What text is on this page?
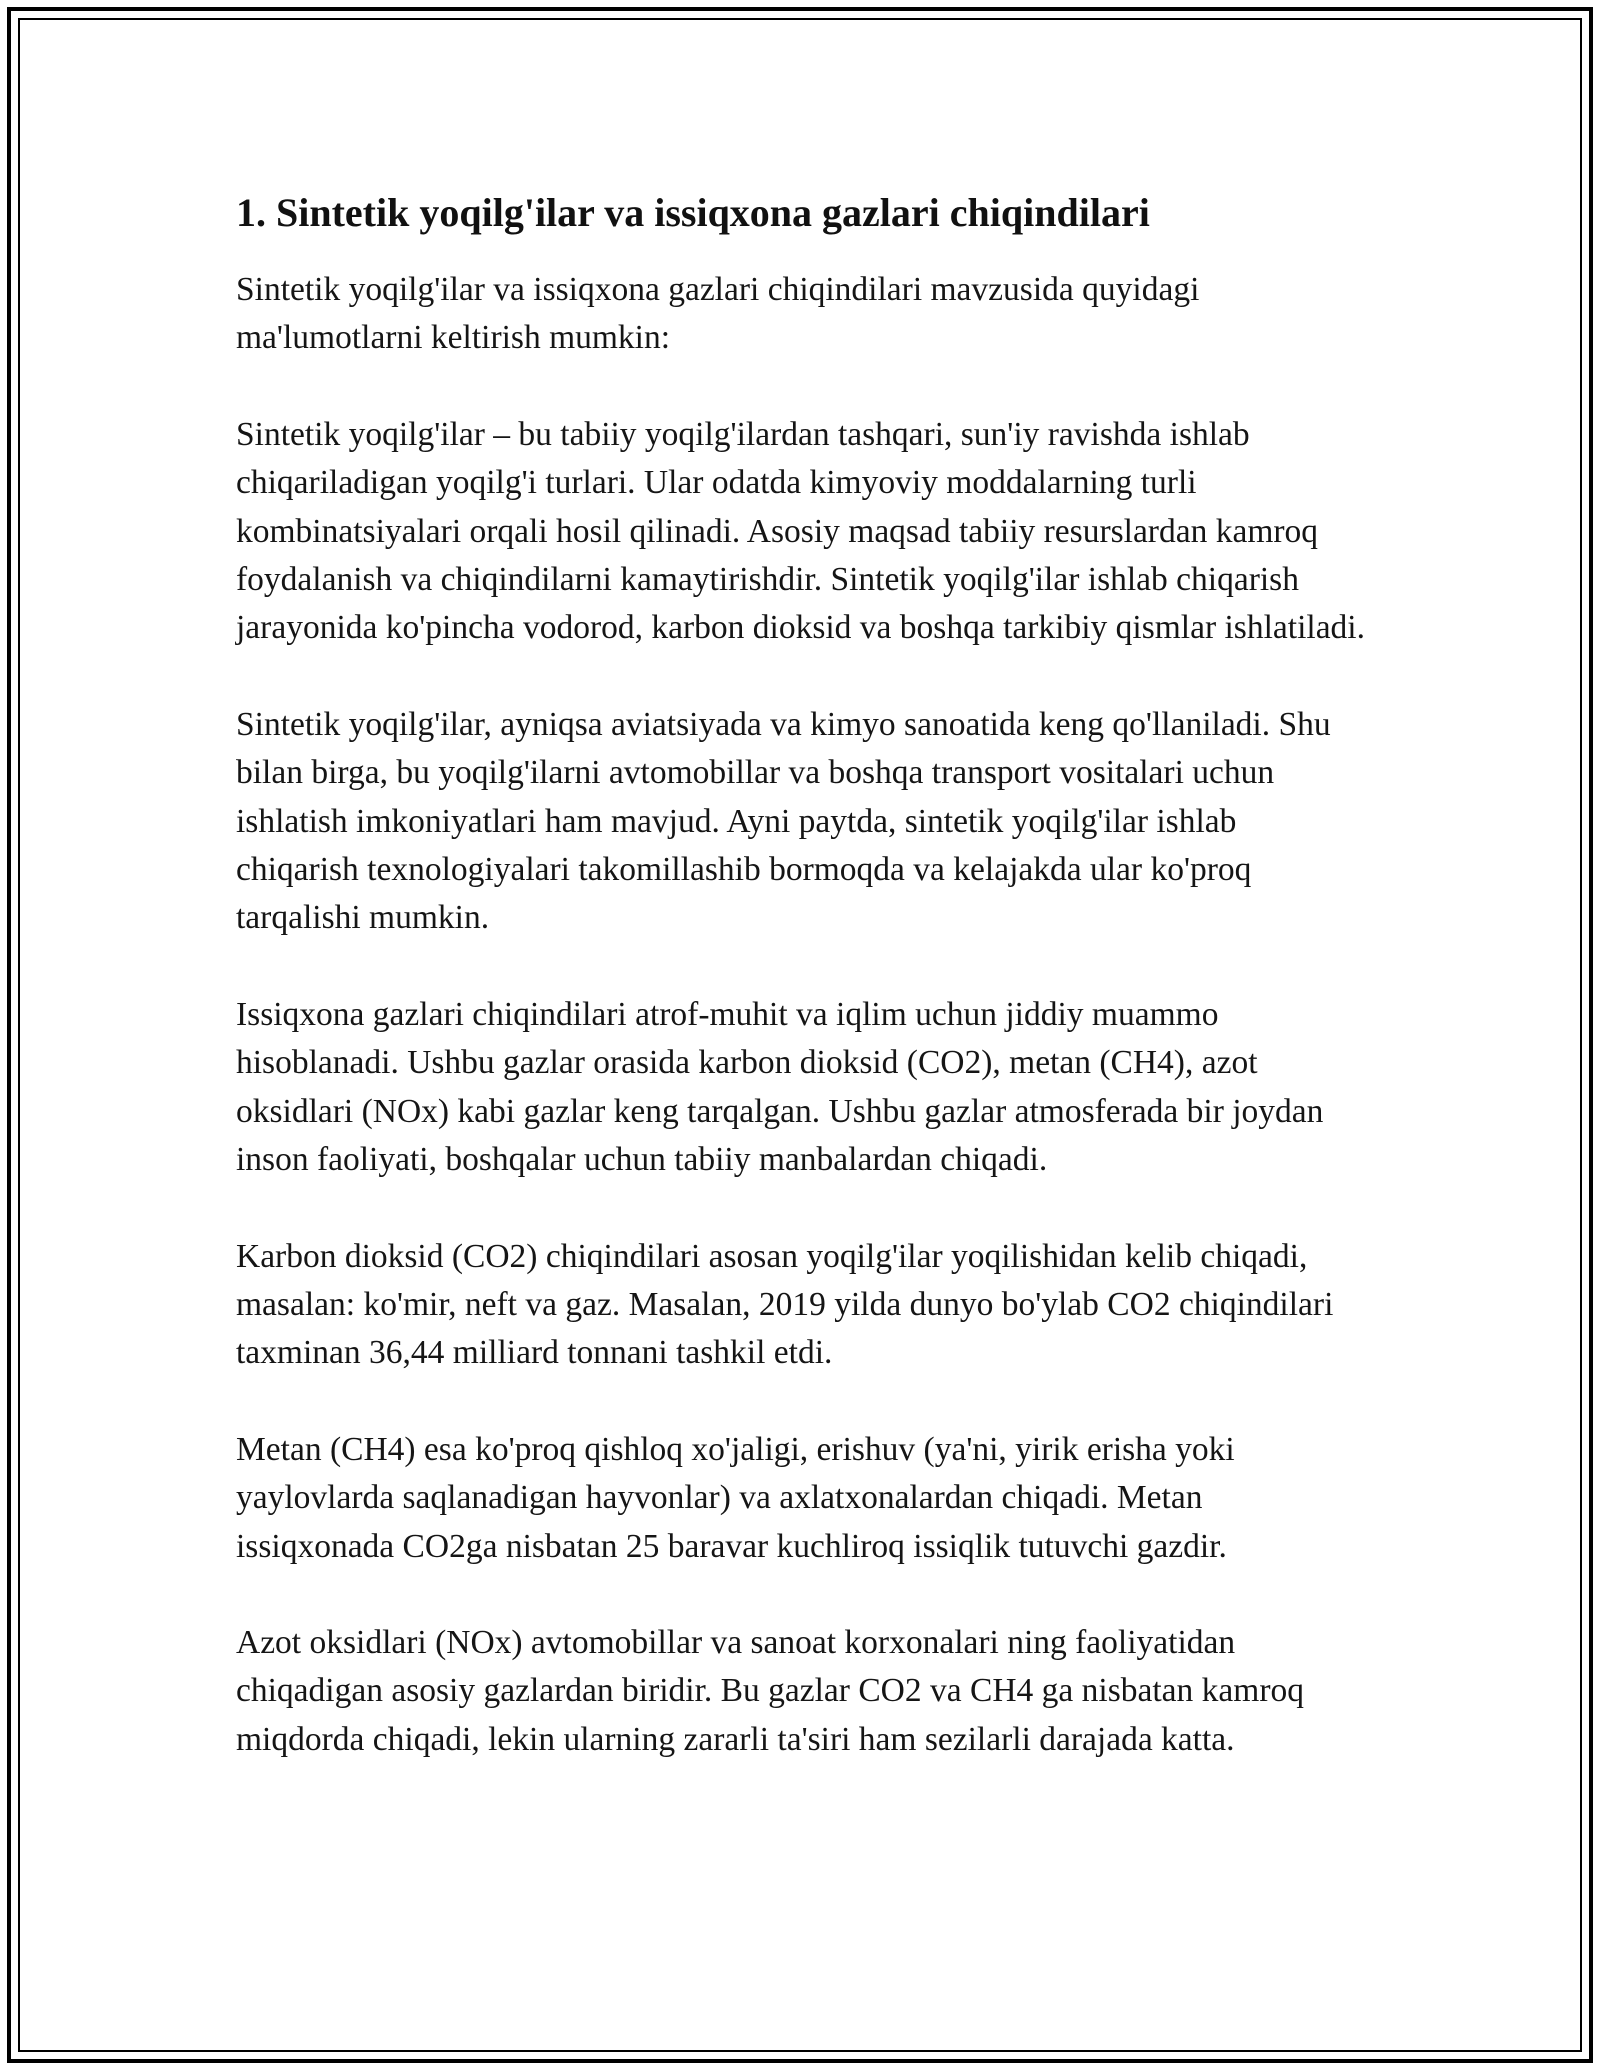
1. Sintetik yoqilg'ilar va issiqxona gazlari chiqindilari

Sintetik yoqilg'ilar va issiqxona gazlari chiqindilari mavzusida quyidagi ma'lumotlarni keltirish mumkin:

Sintetik yoqilg'ilar – bu tabiiy yoqilg'ilardan tashqari, sun'iy ravishda ishlab chiqariladigan yoqilg'i turlari. Ular odatda kimyoviy moddalarning turli kombinatsiyalari orqali hosil qilinadi. Asosiy maqsad tabiiy resurslardan kamroq foydalanish va chiqindilarni kamaytirishdir. Sintetik yoqilg'ilar ishlab chiqarish jarayonida ko'pincha vodorod, karbon dioksid va boshqa tarkibiy qismlar ishlatiladi.

Sintetik yoqilg'ilar, ayniqsa aviatsiyada va kimyo sanoatida keng qo'llaniladi. Shu bilan birga, bu yoqilg'ilarni avtomobillar va boshqa transport vositalari uchun ishlatish imkoniyatlari ham mavjud. Ayni paytda, sintetik yoqilg'ilar ishlab chiqarish texnologiyalari takomillashib bormoqda va kelajakda ular ko'proq tarqalishi mumkin.

Issiqxona gazlari chiqindilari atrof-muhit va iqlim uchun jiddiy muammo hisoblanadi. Ushbu gazlar orasida karbon dioksid (CO2), metan (CH4), azot oksidlari (NOx) kabi gazlar keng tarqalgan. Ushbu gazlar atmosferada bir joydan inson faoliyati, boshqalar uchun tabiiy manbalardan chiqadi.

Karbon dioksid (CO2) chiqindilari asosan yoqilg'ilar yoqilishidan kelib chiqadi, masalan: ko'mir, neft va gaz. Masalan, 2019 yilda dunyo bo'ylab CO2 chiqindilari taxminan 36,44 milliard tonnani tashkil etdi.

Metan (CH4) esa ko'proq qishloq xo'jaligi, erishuv (ya'ni, yirik erisha yoki yaylovlarda saqlanadigan hayvonlar) va axlatxonalardan chiqadi. Metan issiqxonada CO2ga nisbatan 25 baravar kuchliroq issiqlik tutuvchi gazdir.

Azot oksidlari (NOx) avtomobillar va sanoat korxonalari ning faoliyatidan chiqadigan asosiy gazlardan biridir. Bu gazlar CO2 va CH4 ga nisbatan kamroq miqdorda chiqadi, lekin ularning zararli ta'siri ham sezilarli darajada katta.
